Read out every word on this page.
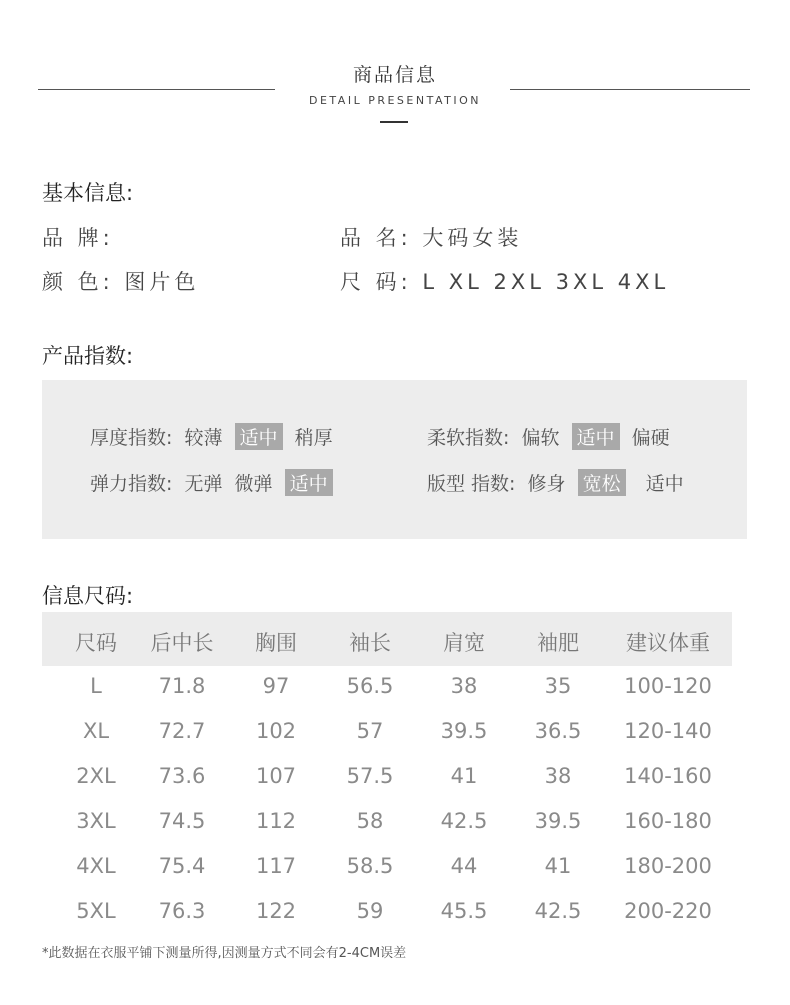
商品信息
DETAIL PRESENTATION
基本信息:
品 牌:	品 名: 大码女装
颜 色: 图片色	尺 码: L XL 2XL 3XL 4XL
产品指数:
厚度指数: 较薄 适中 稍厚	柔软指数: 偏软 适中 偏硬
弹力指数: 无弹 微弹 适中	版型 指数: 修身 宽松 适中
信息尺码:
尺码	后中长	胸围	袖长	肩宽	袖肥	建议体重
L	71.8	97	56.5	38	35	100-120
XL	72.7	102	57	39.5	36.5	120-140
2XL	73.6	107	57.5	41	38	140-160
3XL	74.5	112	58	42.5	39.5	160-180
4XL	75.4	117	58.5	44	41	180-200
5XL	76.3	122	59	45.5	42.5	200-220
*此数据在衣服平铺下测量所得,因测量方式不同会有2-4CM误差
